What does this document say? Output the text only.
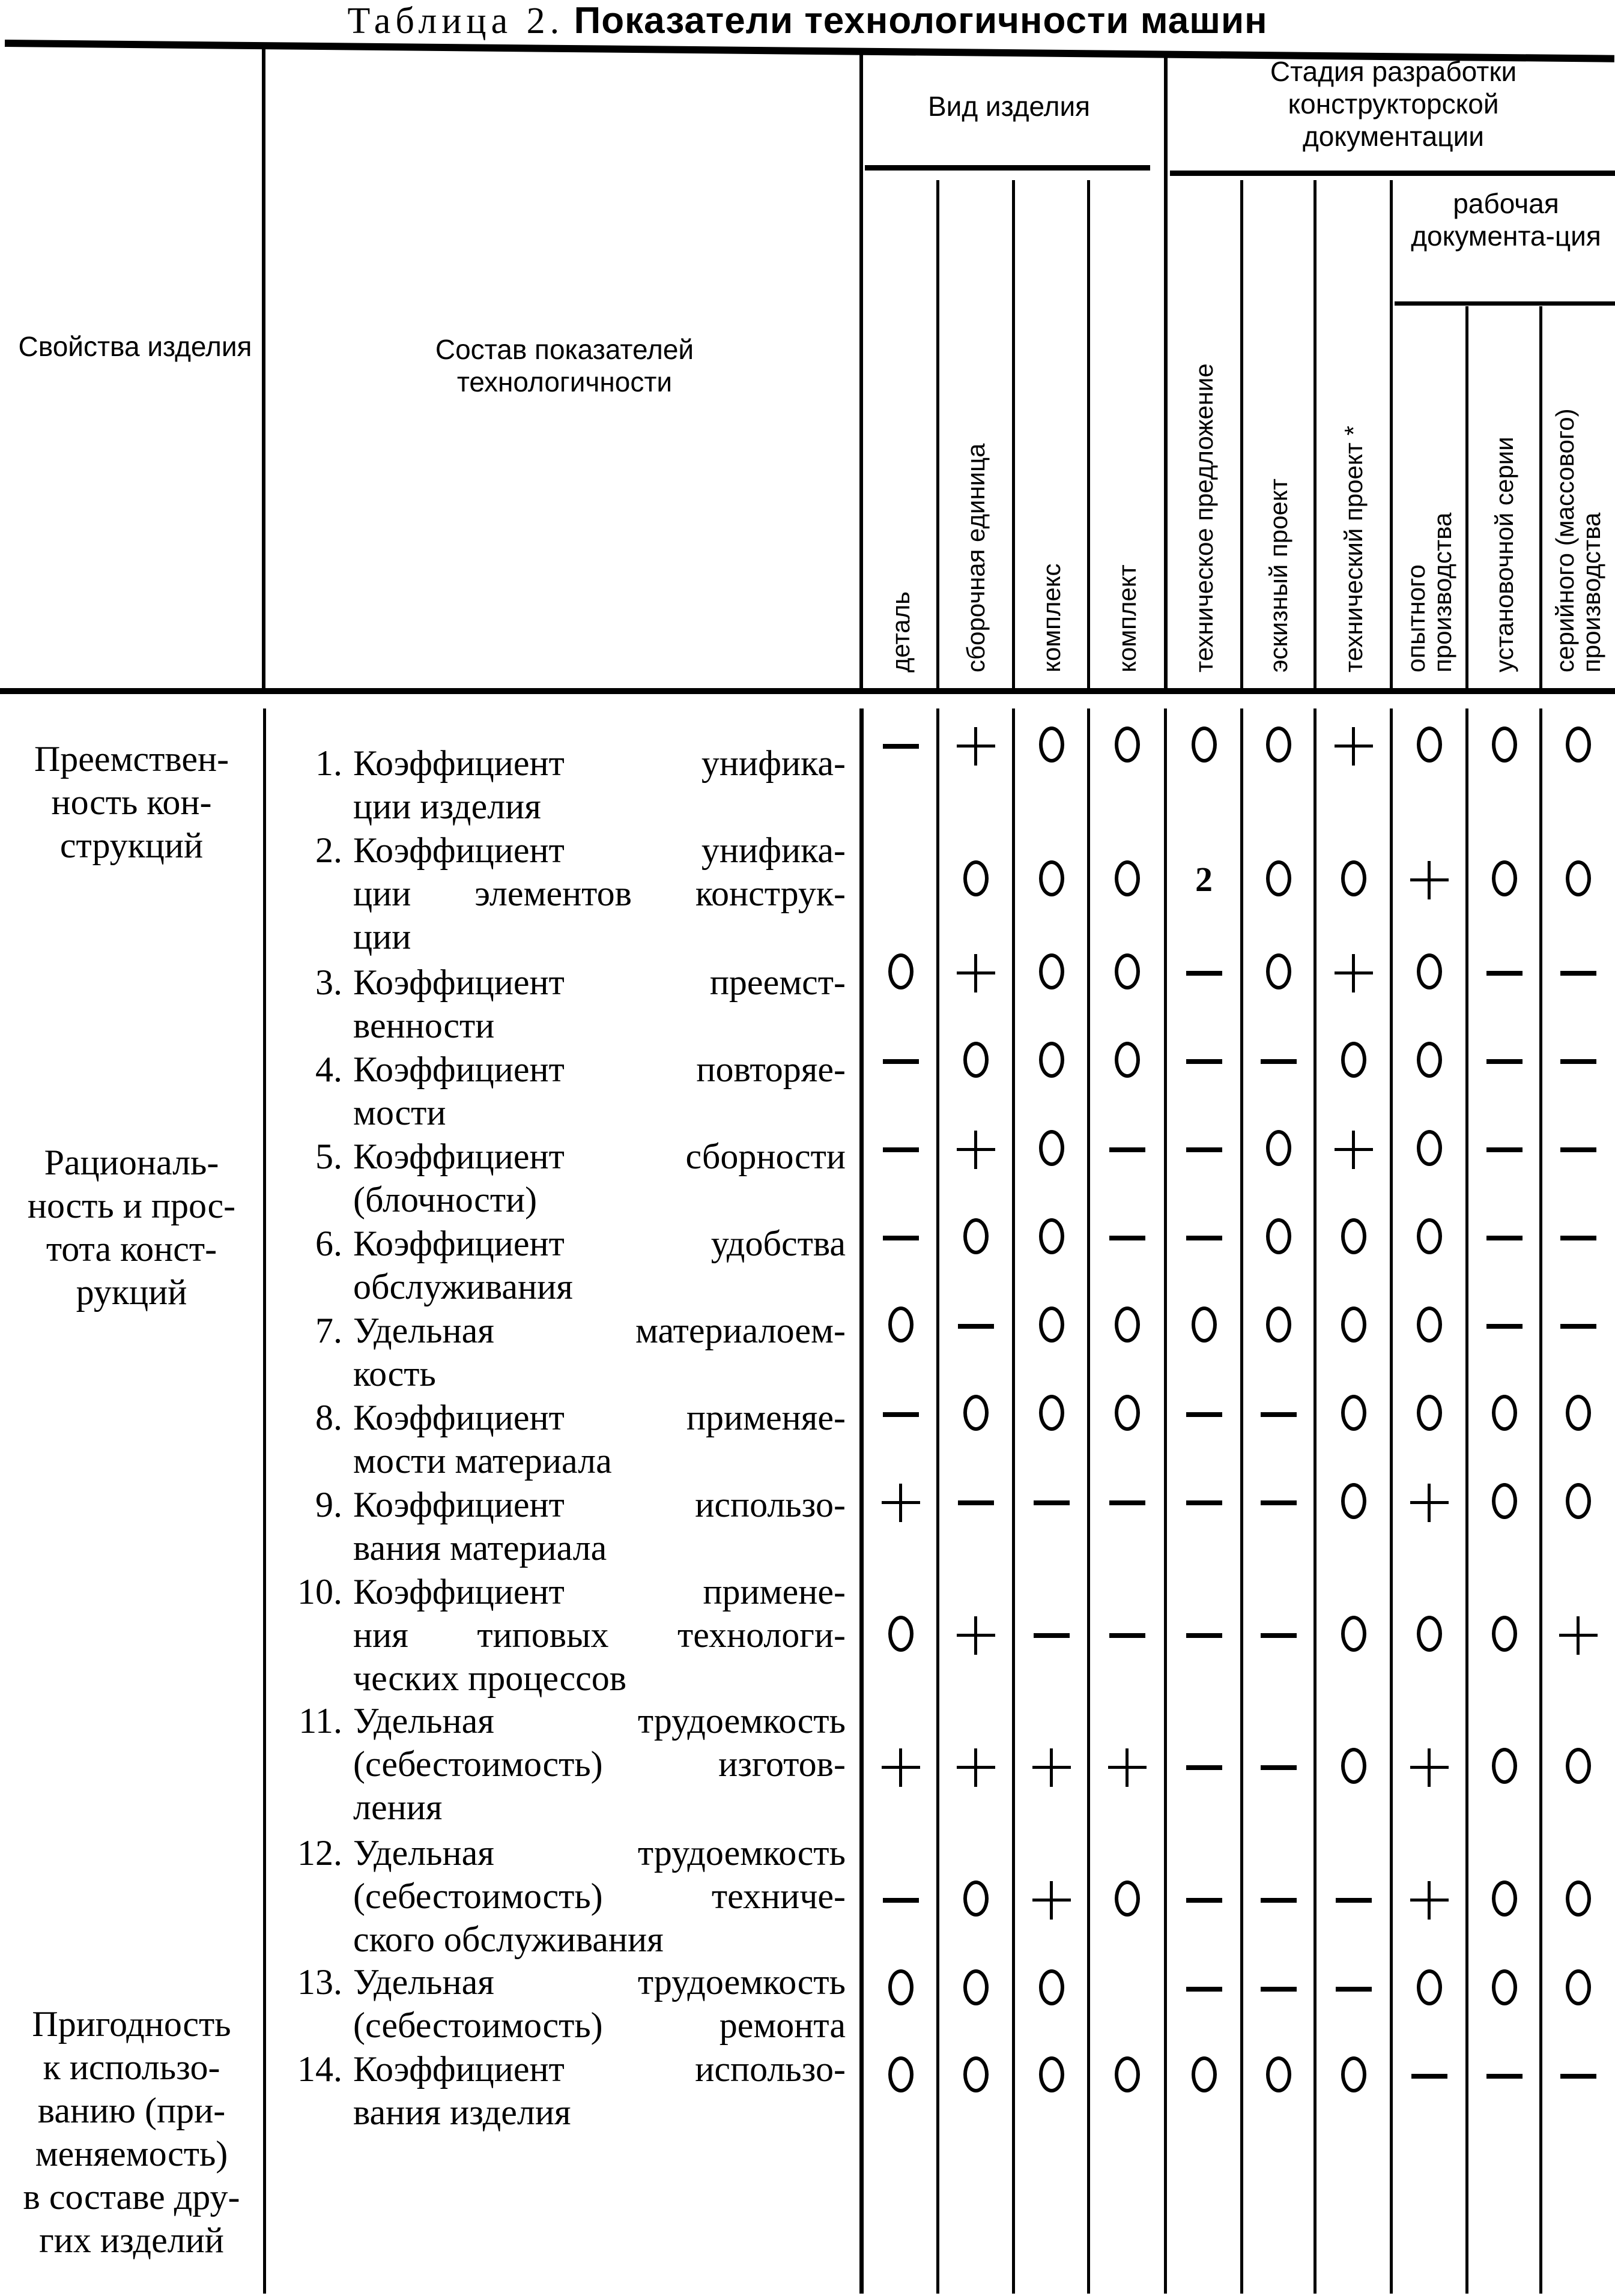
Таблица 2. Показатели технологичности машин
Свойства изделия	Состав показателей технологичности
Вид изделия
Стадия разработки конструкторской документации
рабочая документа-ция
деталь сборочная единица комплекс комплект техническое предложение эскизный проект технический проект * опытного производства установочной серии серийного (массового) производства
Преемствен-
ность кон-
струкций
Рациональ-
ность и прос-
тота конст-
рукций
Пригодность
к использо-
ванию (при-
меняемость)
в составе дру-
гих изделий
1. Коэффициент унифика-
ции изделия
2. Коэффициент унифика-
ции элементов конструк-
ции
3. Коэффициент преемст-
венности
4. Коэффициент повторяе-
мости
5. Коэффициент сборности
(блочности)
6. Коэффициент удобства
обслуживания
7. Удельная материалоем-
кость
8. Коэффициент применяе-
мости материала
9. Коэффициент использо-
вания материала
10. Коэффициент примене-
ния типовых технологи-
ческих процессов
11. Удельная трудоемкость
(себестоимость) изготов-
ления
12. Удельная трудоемкость
(себестоимость) техниче-
ского обслуживания
13. Удельная трудоемкость
(себестоимость) ремонта
14. Коэффициент использо-
вания изделия
2
